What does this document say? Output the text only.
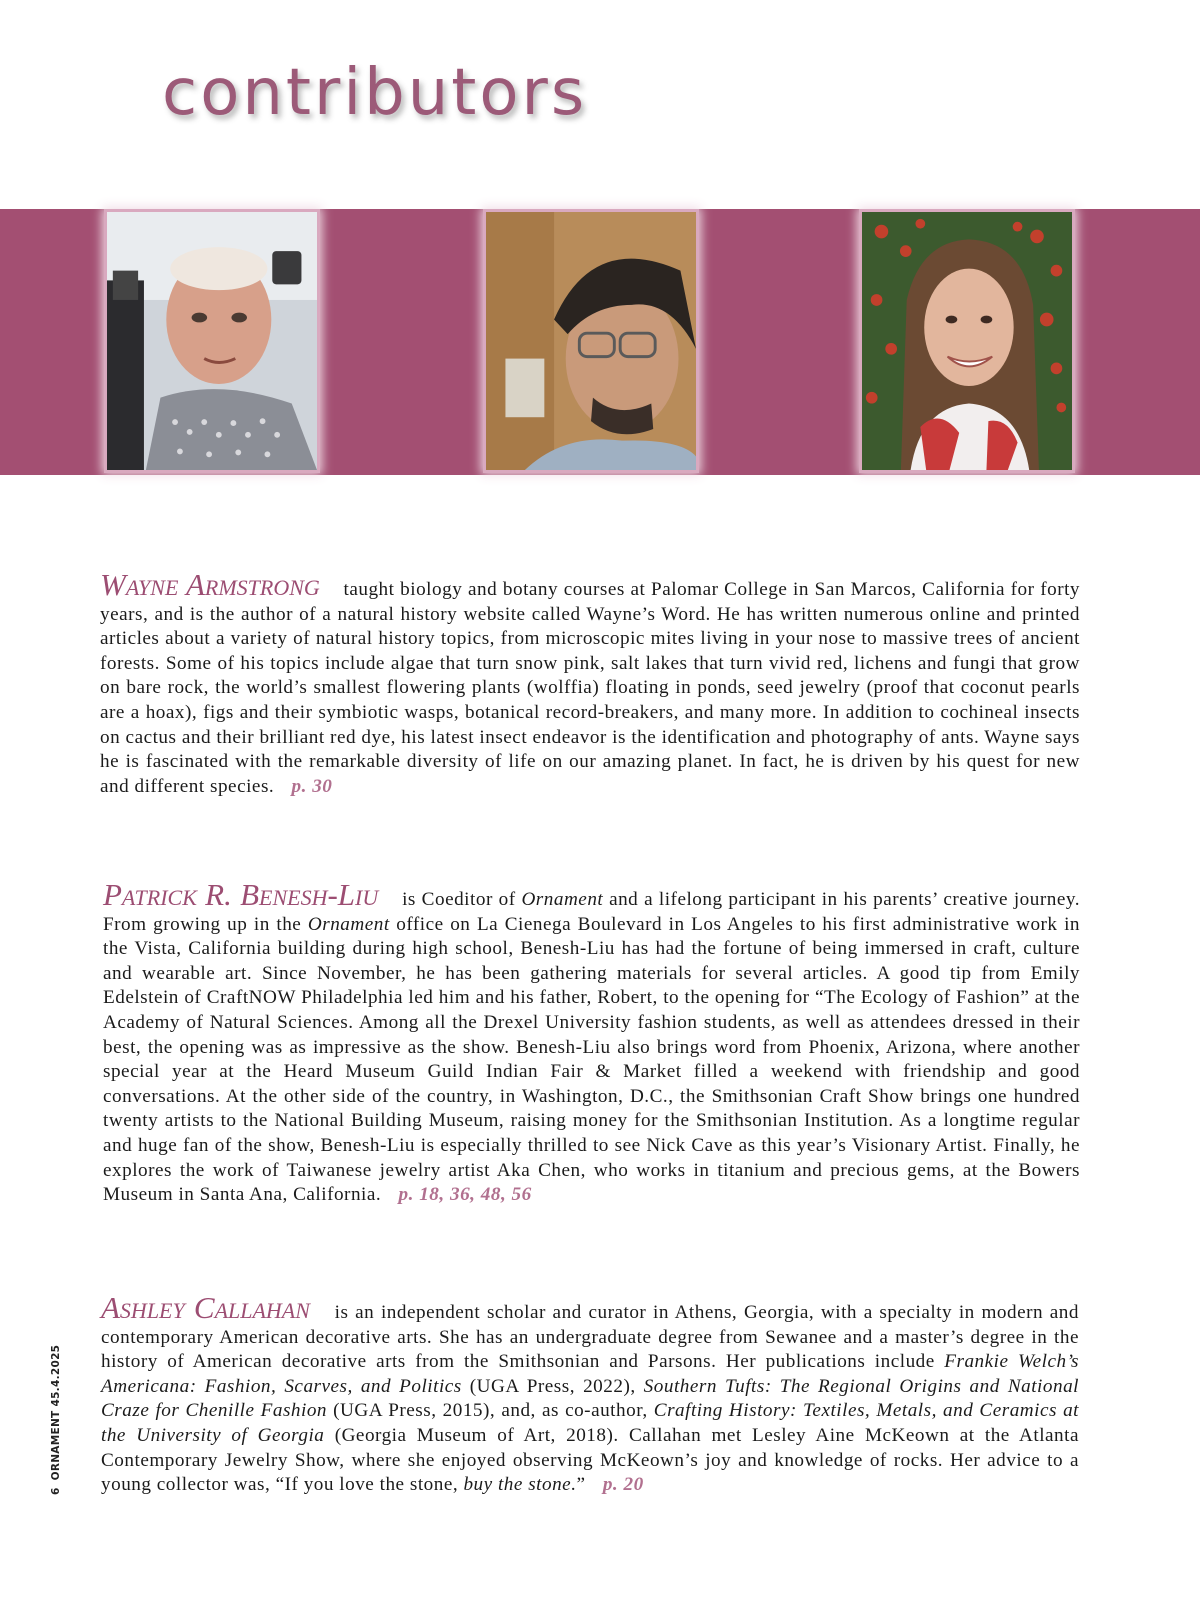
contributors

Wayne Armstrong taught biology and botany courses at Palomar College in San Marcos, California for forty years, and is the author of a natural history website called Wayne’s Word. He has written numerous online and printed articles about a variety of natural history topics, from microscopic mites living in your nose to massive trees of ancient forests. Some of his topics include algae that turn snow pink, salt lakes that turn vivid red, lichens and fungi that grow on bare rock, the world’s smallest flowering plants (wolffia) floating in ponds, seed jewelry (proof that coconut pearls are a hoax), figs and their symbiotic wasps, botanical record-breakers, and many more. In addition to cochineal insects on cactus and their brilliant red dye, his latest insect endeavor is the identification and photography of ants. Wayne says he is fascinated with the remarkable diversity of life on our amazing planet. In fact, he is driven by his quest for new and different species. p. 30

Patrick R. Benesh-Liu is Coeditor of Ornament and a lifelong participant in his parents’ creative journey. From growing up in the Ornament office on La Cienega Boulevard in Los Angeles to his first administrative work in the Vista, California building during high school, Benesh-Liu has had the fortune of being immersed in craft, culture and wearable art. Since November, he has been gathering materials for several articles. A good tip from Emily Edelstein of CraftNOW Philadelphia led him and his father, Robert, to the opening for “The Ecology of Fashion” at the Academy of Natural Sciences. Among all the Drexel University fashion students, as well as attendees dressed in their best, the opening was as impressive as the show. Benesh-Liu also brings word from Phoenix, Arizona, where another special year at the Heard Museum Guild Indian Fair & Market filled a weekend with friendship and good conversations. At the other side of the country, in Washington, D.C., the Smithsonian Craft Show brings one hundred twenty artists to the National Building Museum, raising money for the Smithsonian Institution. As a longtime regular and huge fan of the show, Benesh-Liu is especially thrilled to see Nick Cave as this year’s Visionary Artist. Finally, he explores the work of Taiwanese jewelry artist Aka Chen, who works in titanium and precious gems, at the Bowers Museum in Santa Ana, California. p. 18, 36, 48, 56

Ashley Callahan is an independent scholar and curator in Athens, Georgia, with a specialty in modern and contemporary American decorative arts. She has an undergraduate degree from Sewanee and a master’s degree in the history of American decorative arts from the Smithsonian and Parsons. Her publications include Frankie Welch’s Americana: Fashion, Scarves, and Politics (UGA Press, 2022), Southern Tufts: The Regional Origins and National Craze for Chenille Fashion (UGA Press, 2015), and, as co-author, Crafting History: Textiles, Metals, and Ceramics at the University of Georgia (Georgia Museum of Art, 2018). Callahan met Lesley Aine McKeown at the Atlanta Contemporary Jewelry Show, where she enjoyed observing McKeown’s joy and knowledge of rocks. Her advice to a young collector was, “If you love the stone, buy the stone.” p. 20

6ORNAMENT 45.4.2025
